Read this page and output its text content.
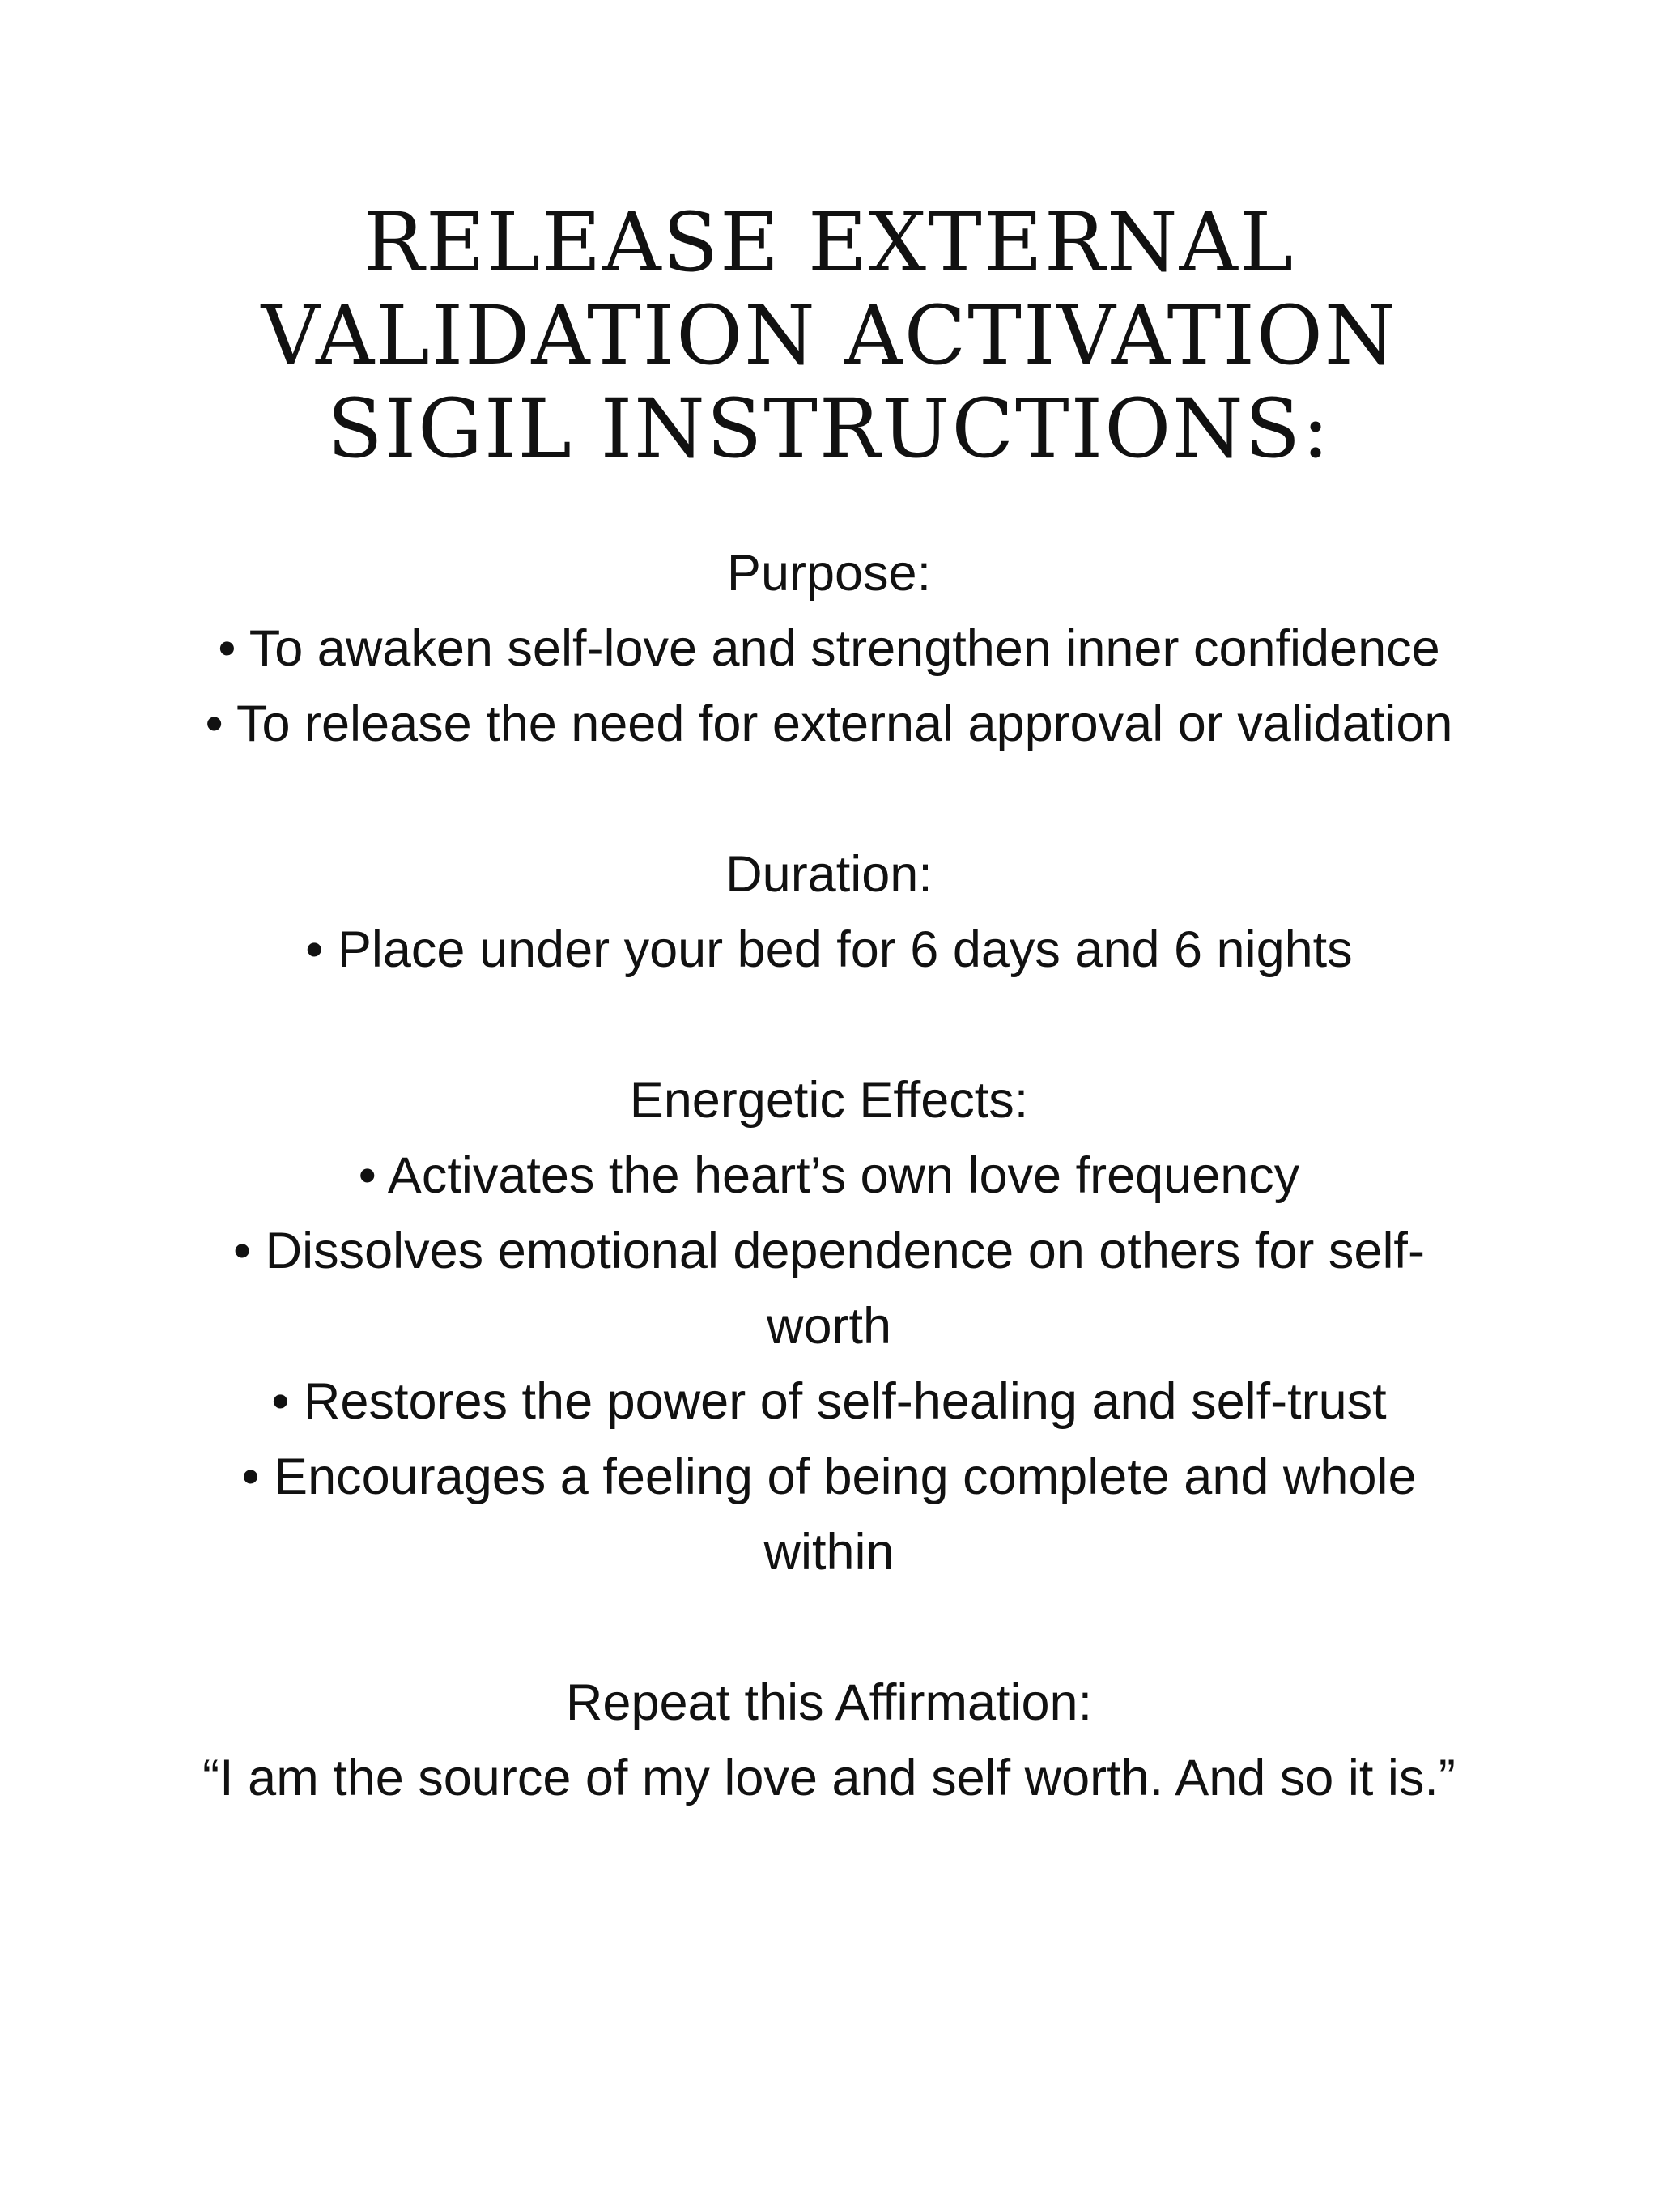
RELEASE EXTERNAL
VALIDATION ACTIVATION
SIGIL INSTRUCTIONS:
Purpose:
• To awaken self-love and strengthen inner confidence
• To release the need for external approval or validation
Duration:
• Place under your bed for 6 days and 6 nights
Energetic Effects:
• Activates the heart’s own love frequency
• Dissolves emotional dependence on others for self-worth
• Restores the power of self-healing and self-trust
• Encourages a feeling of being complete and whole within
Repeat this Affirmation:
“I am the source of my love and self worth. And so it is.”
